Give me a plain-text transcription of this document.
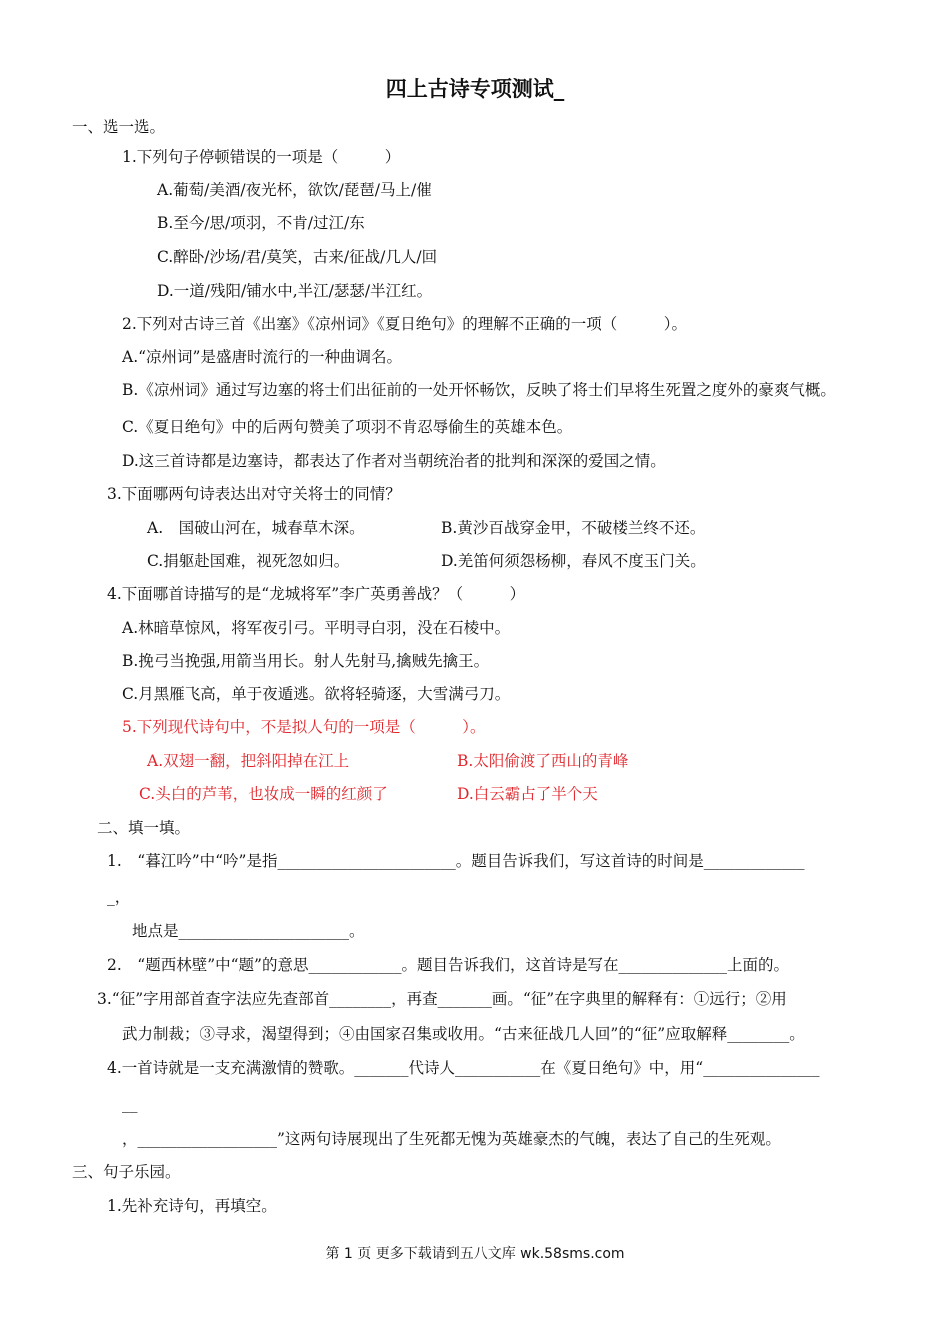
四上古诗专项测试_
一、选一选。
1.下列句子停顿错误的一项是（　　　）
A.葡萄/美酒/夜光杯，欲饮/琵琶/马上/催
B.至今/思/项羽，不肯/过江/东
C.醉卧/沙场/君/莫笑，古来/征战/几人/回
D.一道/残阳/铺水中,半江/瑟瑟/半江红。
2.下列对古诗三首《出塞》《凉州词》《夏日绝句》的理解不正确的一项（　　　）。
A.“凉州词”是盛唐时流行的一种曲调名。
B.《凉州词》通过写边塞的将士们出征前的一处开怀畅饮，反映了将士们早将生死置之度外的豪爽气概。
C.《夏日绝句》中的后两句赞美了项羽不肯忍辱偷生的英雄本色。
D.这三首诗都是边塞诗，都表达了作者对当朝统治者的批判和深深的爱国之情。
3.下面哪两句诗表达出对守关将士的同情？
A.　国破山河在，城春草木深。	B.黄沙百战穿金甲，不破楼兰终不还。
C.捐躯赴国难，视死忽如归。	D.羌笛何须怨杨柳，春风不度玉门关。
4.下面哪首诗描写的是“龙城将军”李广英勇善战？（　　　）
A.林暗草惊风，将军夜引弓。平明寻白羽，没在石棱中。
B.挽弓当挽强,用箭当用长。射人先射马,擒贼先擒王。
C.月黑雁飞高，单于夜遁逃。欲将轻骑逐，大雪满弓刀。
5.下列现代诗句中，不是拟人句的一项是（　　　）。
A.双翅一翻，把斜阳掉在江上	B.太阳偷渡了西山的青峰
C.头白的芦苇，也妆成一瞬的红颜了	D.白云霸占了半个天
二、填一填。
1.　“暮江吟”中“吟”是指_______________________。题目告诉我们，写这首诗的时间是_____________
_，
地点是______________________。
2.　“题西林壁”中“题”的意思____________。题目告诉我们，这首诗是写在______________上面的。
3.“征”字用部首查字法应先查部首________，再查_______画。“征”在字典里的解释有：①远行；②用
武力制裁；③寻求，渴望得到；④由国家召集或收用。“古来征战几人回”的“征”应取解释________。
4.一首诗就是一支充满激情的赞歌。_______代诗人___________在《夏日绝句》中，用“_______________
__
，__________________”这两句诗展现出了生死都无愧为英雄豪杰的气魄，表达了自己的生死观。
三、句子乐园。
1.先补充诗句，再填空。
第 1 页 更多下载请到五八文库 wk.58sms.com
